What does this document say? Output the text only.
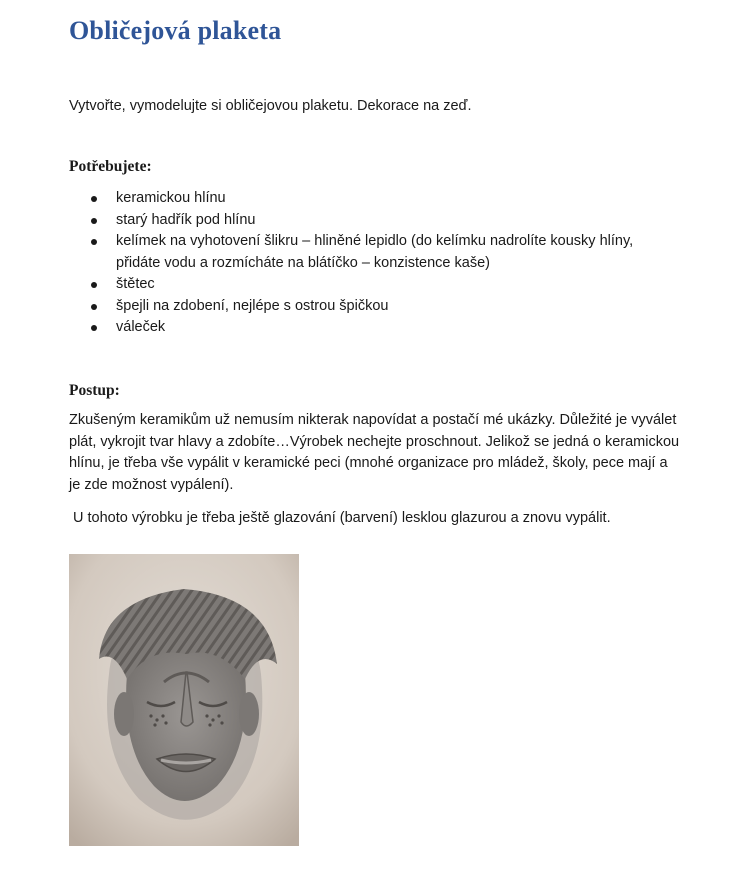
Obličejová plaketa

Vytvořte, vymodelujte si obličejovou plaketu. Dekorace na zeď.

Potřebujete:

keramickou hlínu
starý hadřík pod hlínu
kelímek na vyhotovení šlikru – hliněné lepidlo (do kelímku nadrolíte kousky hlíny, přidáte vodu a rozmícháte na blátíčko – konzistence kaše)
štětec
špejli na zdobení, nejlépe s ostrou špičkou
váleček

Postup:

Zkušeným keramikům už nemusím nikterak napovídat a postačí mé ukázky. Důležité je vyválet plát, vykrojit tvar hlavy a zdobíte…Výrobek nechejte proschnout. Jelikož se jedná o keramickou hlínu, je třeba vše vypálit v keramické peci (mnohé organizace pro mládež, školy, pece mají a je zde možnost vypálení).

U tohoto výrobku je třeba ještě glazování (barvení) lesklou glazurou a znovu vypálit.
